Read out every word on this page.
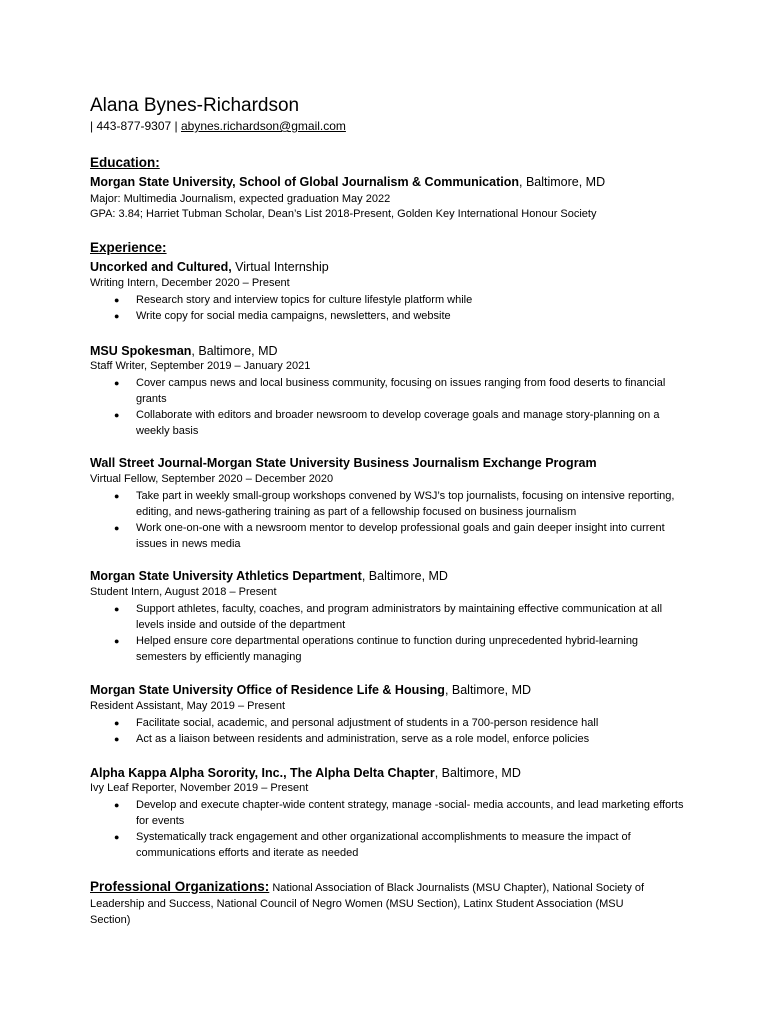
Alana Bynes-Richardson
| 443-877-9307 | abynes.richardson@gmail.com
Education:
Morgan State University, School of Global Journalism & Communication, Baltimore, MD
Major: Multimedia Journalism, expected graduation May 2022
GPA: 3.84; Harriet Tubman Scholar, Dean’s List 2018-Present, Golden Key International Honour Society
Experience:
Uncorked and Cultured, Virtual Internship
Writing Intern, December 2020 – Present
● Research story and interview topics for culture lifestyle platform while
● Write copy for social media campaigns, newsletters, and website
MSU Spokesman, Baltimore, MD
Staff Writer, September 2019 – January 2021
● Cover campus news and local business community, focusing on issues ranging from food deserts to financial grants
● Collaborate with editors and broader newsroom to develop coverage goals and manage story-planning on a weekly basis
Wall Street Journal-Morgan State University Business Journalism Exchange Program
Virtual Fellow, September 2020 – December 2020
● Take part in weekly small-group workshops convened by WSJ’s top journalists, focusing on intensive reporting, editing, and news-gathering training as part of a fellowship focused on business journalism
● Work one-on-one with a newsroom mentor to develop professional goals and gain deeper insight into current issues in news media
Morgan State University Athletics Department, Baltimore, MD
Student Intern, August 2018 – Present
● Support athletes, faculty, coaches, and program administrators by maintaining effective communication at all levels inside and outside of the department
● Helped ensure core departmental operations continue to function during unprecedented hybrid-learning semesters by efficiently managing
Morgan State University Office of Residence Life & Housing, Baltimore, MD
Resident Assistant, May 2019 – Present
● Facilitate social, academic, and personal adjustment of students in a 700-person residence hall
● Act as a liaison between residents and administration, serve as a role model, enforce policies
Alpha Kappa Alpha Sorority, Inc., The Alpha Delta Chapter, Baltimore, MD
Ivy Leaf Reporter, November 2019 – Present
● Develop and execute chapter-wide content strategy, manage -social- media accounts, and lead marketing efforts for events
● Systematically track engagement and other organizational accomplishments to measure the impact of communications efforts and iterate as needed
Professional Organizations: National Association of Black Journalists (MSU Chapter), National Society of Leadership and Success, National Council of Negro Women (MSU Section), Latinx Student Association (MSU Section)
